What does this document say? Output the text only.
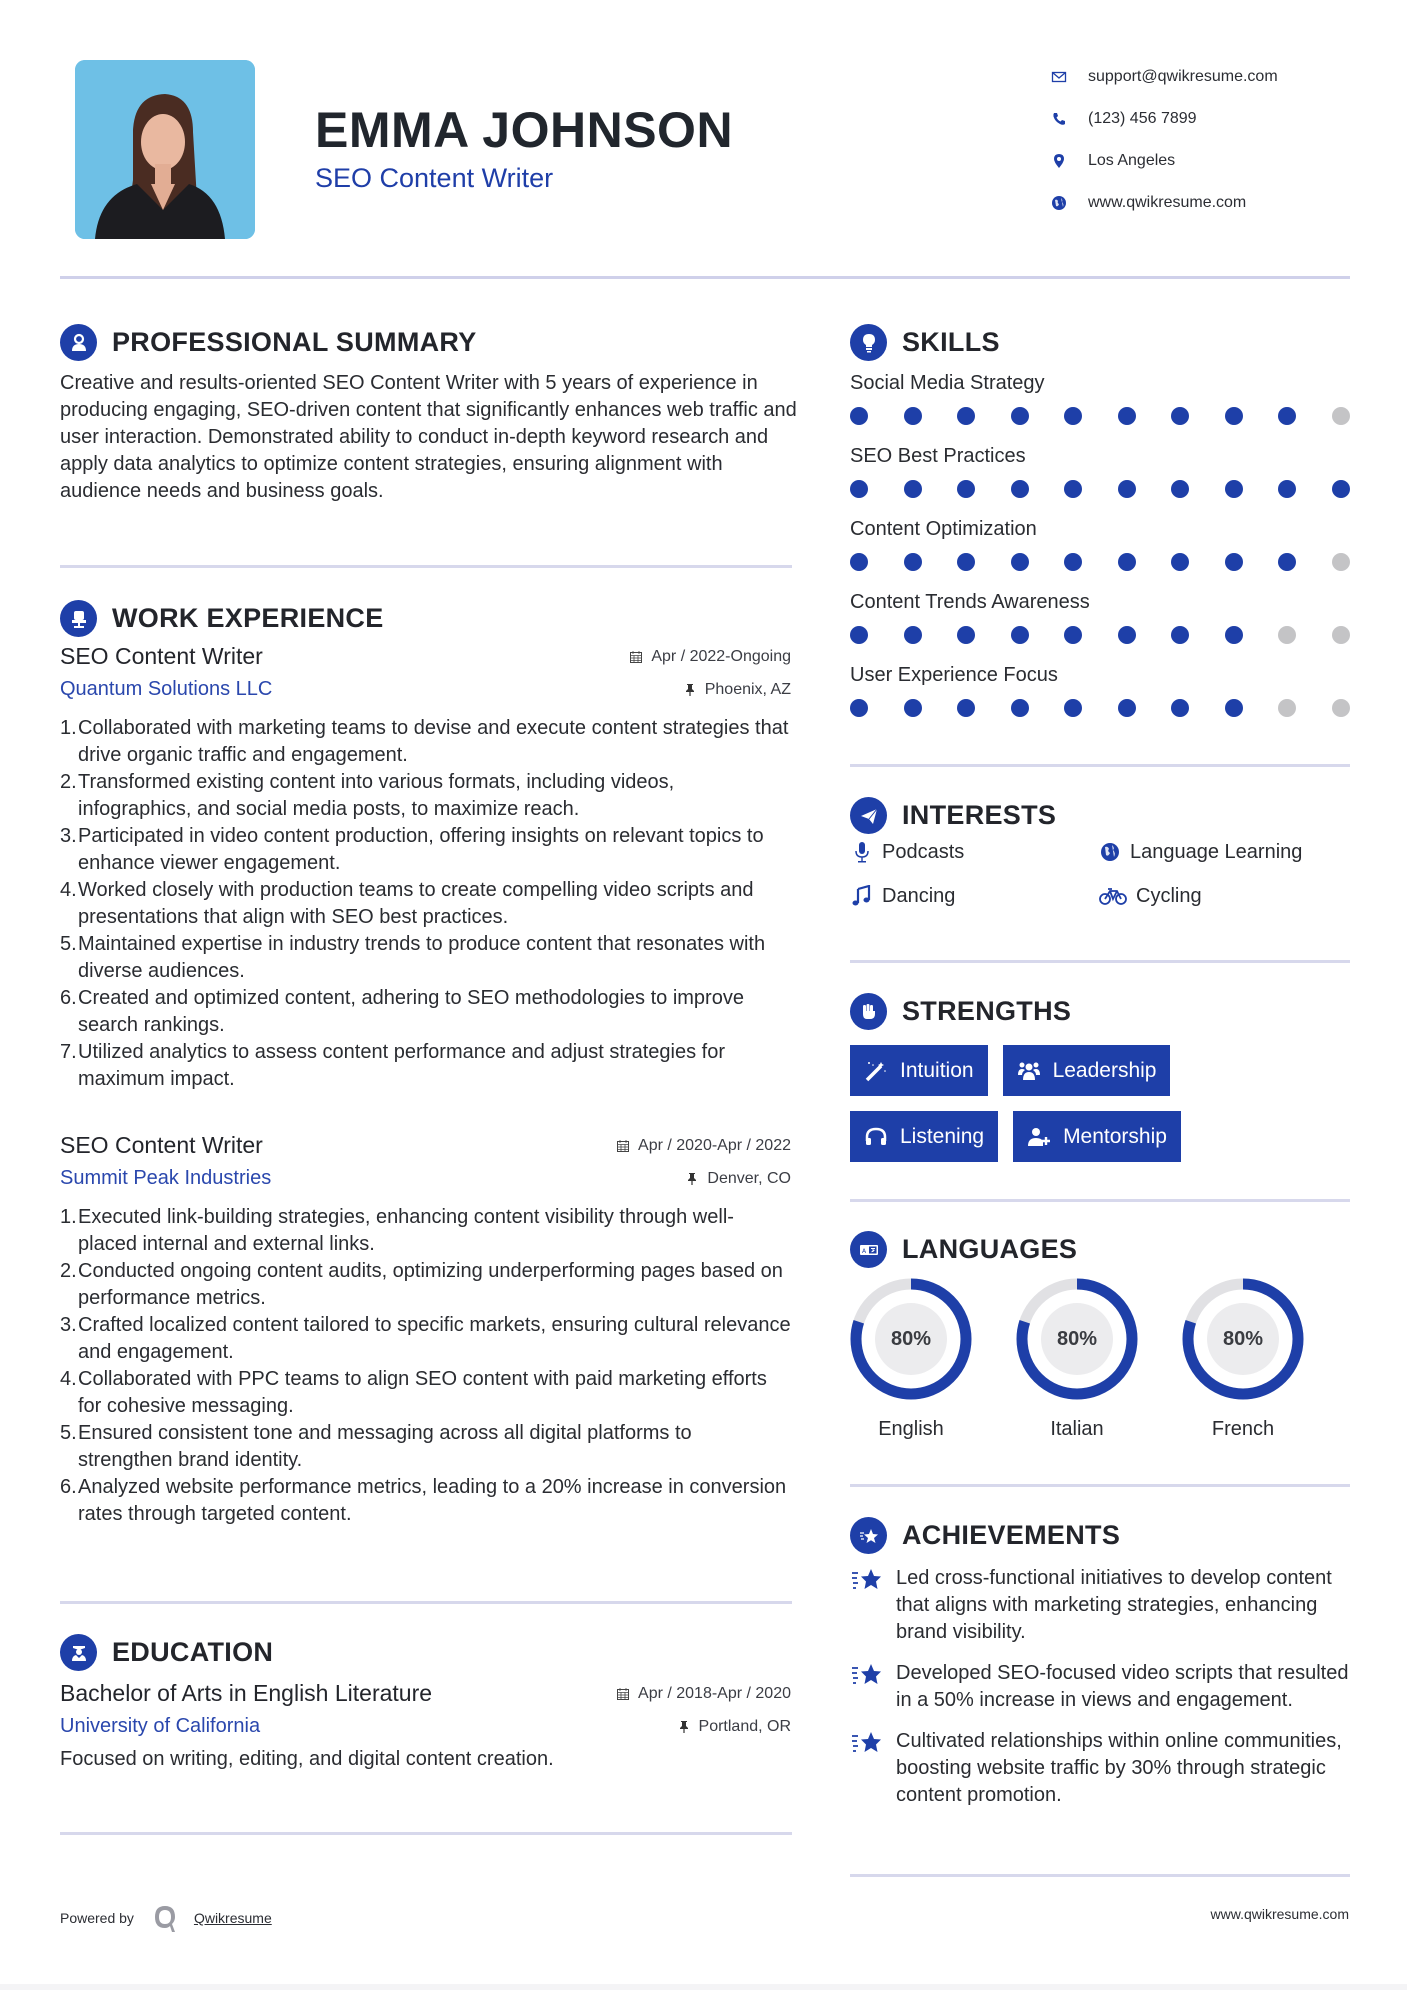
EMMA JOHNSON
SEO Content Writer
support@qwikresume.com
(123) 456 7899
Los Angeles
www.qwikresume.com
PROFESSIONAL SUMMARY
Creative and results-oriented SEO Content Writer with 5 years of experience in producing engaging, SEO-driven content that significantly enhances web traffic and user interaction. Demonstrated ability to conduct in-depth keyword research and apply data analytics to optimize content strategies, ensuring alignment with audience needs and business goals.
WORK EXPERIENCE
SEO Content Writer	Apr / 2022-Ongoing
Quantum Solutions LLC	Phoenix, AZ
1. Collaborated with marketing teams to devise and execute content strategies that drive organic traffic and engagement.
2. Transformed existing content into various formats, including videos, infographics, and social media posts, to maximize reach.
3. Participated in video content production, offering insights on relevant topics to enhance viewer engagement.
4. Worked closely with production teams to create compelling video scripts and presentations that align with SEO best practices.
5. Maintained expertise in industry trends to produce content that resonates with diverse audiences.
6. Created and optimized content, adhering to SEO methodologies to improve search rankings.
7. Utilized analytics to assess content performance and adjust strategies for maximum impact.
SEO Content Writer	Apr / 2020-Apr / 2022
Summit Peak Industries	Denver, CO
1. Executed link-building strategies, enhancing content visibility through well-placed internal and external links.
2. Conducted ongoing content audits, optimizing underperforming pages based on performance metrics.
3. Crafted localized content tailored to specific markets, ensuring cultural relevance and engagement.
4. Collaborated with PPC teams to align SEO content with paid marketing efforts for cohesive messaging.
5. Ensured consistent tone and messaging across all digital platforms to strengthen brand identity.
6. Analyzed website performance metrics, leading to a 20% increase in conversion rates through targeted content.
EDUCATION
Bachelor of Arts in English Literature	Apr / 2018-Apr / 2020
University of California	Portland, OR
Focused on writing, editing, and digital content creation.
SKILLS
Social Media Strategy
SEO Best Practices
Content Optimization
Content Trends Awareness
User Experience Focus
INTERESTS
Podcasts	Language Learning
Dancing	Cycling
STRENGTHS
Intuition	Leadership
Listening	Mentorship
A LANGUAGES
80%
English
80%
Italian
80%
French
ACHIEVEMENTS
Led cross-functional initiatives to develop content that aligns with marketing strategies, enhancing brand visibility.
Developed SEO-focused video scripts that resulted in a 50% increase in views and engagement.
Cultivated relationships within online communities, boosting website traffic by 30% through strategic content promotion.
Powered by	Qwikresume	www.qwikresume.com
